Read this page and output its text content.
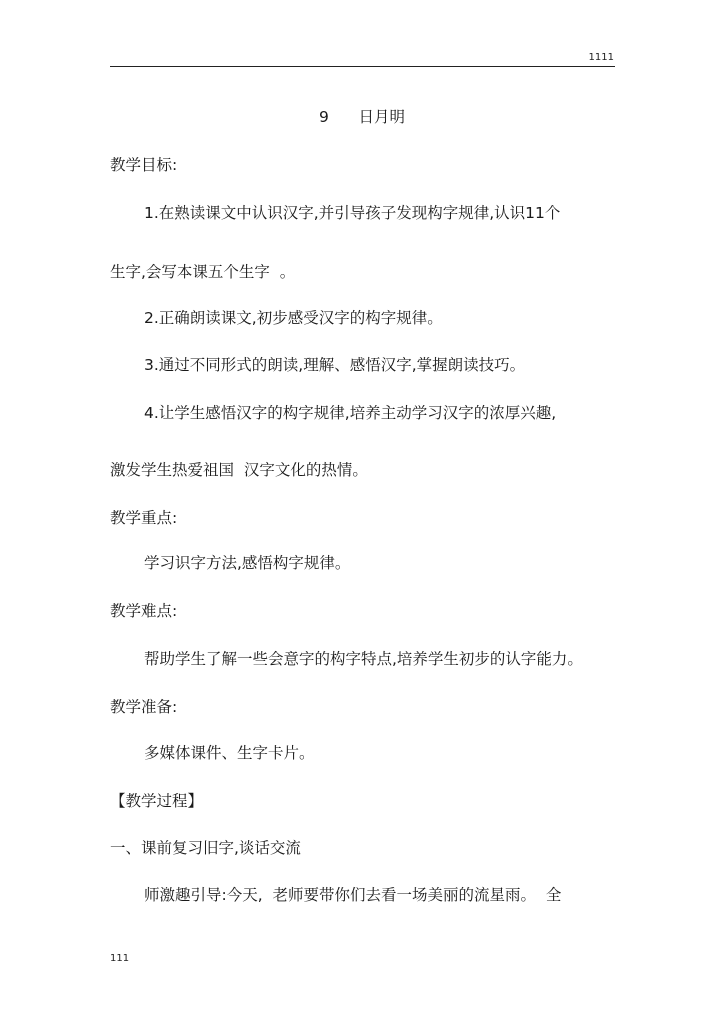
1111
9      日月明
教学目标:
1.在熟读课文中认识汉字,并引导孩子发现构字规律,认识11个
生字,会写本课五个生字  。
2.正确朗读课文,初步感受汉字的构字规律。
3.通过不同形式的朗读,理解、感悟汉字,掌握朗读技巧。
4.让学生感悟汉字的构字规律,培养主动学习汉字的浓厚兴趣,
激发学生热爱祖国  汉字文化的热情。
教学重点:
学习识字方法,感悟构字规律。
教学难点:
帮助学生了解一些会意字的构字特点,培养学生初步的认字能力。
教学准备:
多媒体课件、生字卡片。
【教学过程】
一、课前复习旧字,谈话交流
师激趣引导:今天,  老师要带你们去看一场美丽的流星雨。  全
111
